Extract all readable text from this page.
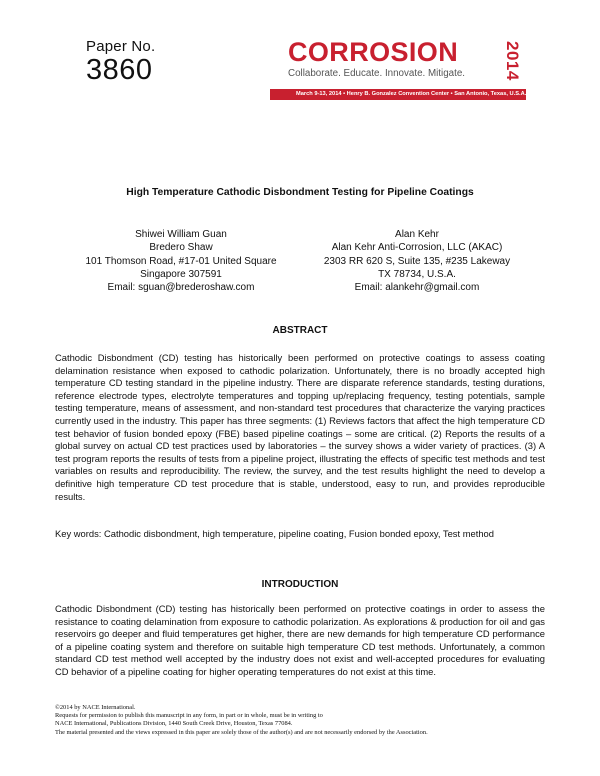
Paper No.
3860
CORROSION	2014
Collaborate. Educate. Innovate. Mitigate.
March 9-13, 2014 • Henry B. Gonzalez Convention Center • San Antonio, Texas, U.S.A.
High Temperature Cathodic Disbondment Testing for Pipeline Coatings
Shiwei William Guan
Bredero Shaw
101 Thomson Road, #17-01 United Square
Singapore 307591
Email: sguan@brederoshaw.com
Alan Kehr
Alan Kehr Anti-Corrosion, LLC (AKAC)
2303 RR 620 S, Suite 135, #235 Lakeway
TX 78734, U.S.A.
Email: alankehr@gmail.com
ABSTRACT
Cathodic Disbondment (CD) testing has historically been performed on protective coatings to assess coating delamination resistance when exposed to cathodic polarization. Unfortunately, there is no broadly accepted high temperature CD testing standard in the pipeline industry. There are disparate reference standards, testing durations, reference electrode types, electrolyte temperatures and topping up/replacing frequency, testing potentials, sample testing temperature, means of assessment, and non-standard test procedures that characterize the varying practices currently used in the industry. This paper has three segments: (1) Reviews factors that affect the high temperature CD test behavior of fusion bonded epoxy (FBE) based pipeline coatings – some are critical. (2) Reports the results of a global survey on actual CD test practices used by laboratories – the survey shows a wider variety of practices. (3) A test program reports the results of tests from a pipeline project, illustrating the effects of specific test methods and test variables on results and reproducibility. The review, the survey, and the test results highlight the need to develop a definitive high temperature CD test procedure that is stable, understood, easy to run, and provides reproducible results.
Key words: Cathodic disbondment, high temperature, pipeline coating, Fusion bonded epoxy, Test method
INTRODUCTION
Cathodic Disbondment (CD) testing has historically been performed on protective coatings in order to assess the resistance to coating delamination from exposure to cathodic polarization. As explorations & production for oil and gas reservoirs go deeper and fluid temperatures get higher, there are new demands for high temperature CD performance of a pipeline coating system and therefore on suitable high temperature CD test methods. Unfortunately, a common standard CD test method well accepted by the industry does not exist and well-accepted procedures for evaluating CD behavior of a pipeline coating for higher operating temperatures do not exist at this time.
©2014 by NACE International.
Requests for permission to publish this manuscript in any form, in part or in whole, must be in writing to
NACE International, Publications Division, 1440 South Creek Drive, Houston, Texas 77084.
The material presented and the views expressed in this paper are solely those of the author(s) and are not necessarily endorsed by the Association.
